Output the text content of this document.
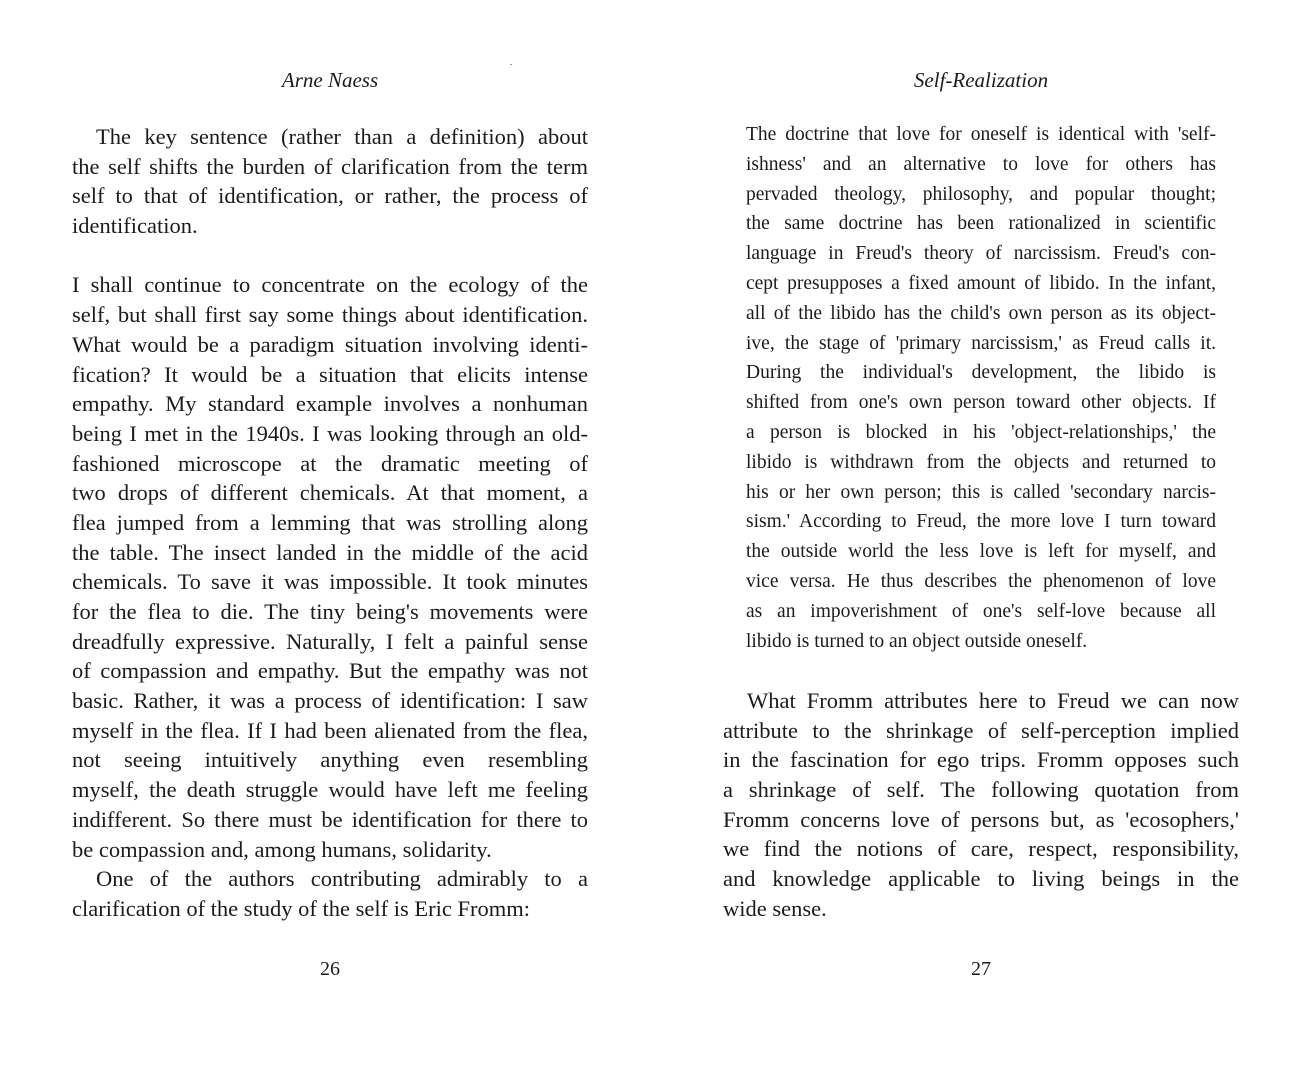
Arne Naess
The key sentence (rather than a definition) about
the self shifts the burden of clarification from the term
self to that of identification, or rather, the process of
identification.
I shall continue to concentrate on the ecology of the
self, but shall first say some things about identification.
What would be a paradigm situation involving identi-
fication? It would be a situation that elicits intense
empathy. My standard example involves a nonhuman
being I met in the 1940s. I was looking through an old-
fashioned microscope at the dramatic meeting of
two drops of different chemicals. At that moment, a
flea jumped from a lemming that was strolling along
the table. The insect landed in the middle of the acid
chemicals. To save it was impossible. It took minutes
for the flea to die. The tiny being's movements were
dreadfully expressive. Naturally, I felt a painful sense
of compassion and empathy. But the empathy was not
basic. Rather, it was a process of identification: I saw
myself in the flea. If I had been alienated from the flea,
not seeing intuitively anything even resembling
myself, the death struggle would have left me feeling
indifferent. So there must be identification for there to
be compassion and, among humans, solidarity.
One of the authors contributing admirably to a
clarification of the study of the self is Eric Fromm:
26
Self-Realization
The doctrine that love for oneself is identical with 'self-
ishness' and an alternative to love for others has
pervaded theology, philosophy, and popular thought;
the same doctrine has been rationalized in scientific
language in Freud's theory of narcissism. Freud's con-
cept presupposes a fixed amount of libido. In the infant,
all of the libido has the child's own person as its object-
ive, the stage of 'primary narcissism,' as Freud calls it.
During the individual's development, the libido is
shifted from one's own person toward other objects. If
a person is blocked in his 'object-relationships,' the
libido is withdrawn from the objects and returned to
his or her own person; this is called 'secondary narcis-
sism.' According to Freud, the more love I turn toward
the outside world the less love is left for myself, and
vice versa. He thus describes the phenomenon of love
as an impoverishment of one's self-love because all
libido is turned to an object outside oneself.
What Fromm attributes here to Freud we can now
attribute to the shrinkage of self-perception implied
in the fascination for ego trips. Fromm opposes such
a shrinkage of self. The following quotation from
Fromm concerns love of persons but, as 'ecosophers,'
we find the notions of care, respect, responsibility,
and knowledge applicable to living beings in the
wide sense.
27
